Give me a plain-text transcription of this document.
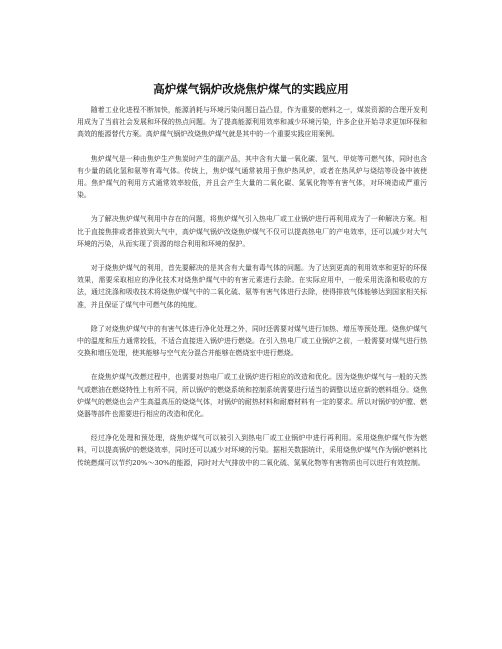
高炉煤气锅炉改烧焦炉煤气的实践应用

随着工业化进程不断加快，能源消耗与环境污染问题日益凸显，作为重要的燃料之一，煤炭资源的合理开发利用成为了当前社会发展和环保的热点问题。为了提高能源利用效率和减少环境污染，许多企业开始寻求更加环保和高效的能源替代方案。高炉煤气锅炉改烧焦炉煤气就是其中的一个重要实践应用案例。

焦炉煤气是一种由焦炉生产焦炭时产生的副产品，其中含有大量一氧化碳、氢气、甲烷等可燃气体，同时也含有少量的硫化氢和氨等有毒气体。传统上，焦炉煤气通常被用于焦炉热风炉，或者在热风炉与烧结等设备中被使用。焦炉煤气的利用方式通常效率较低，并且会产生大量的二氧化碳、氮氧化物等有害气体，对环境造成严重污染。

为了解决焦炉煤气利用中存在的问题，将焦炉煤气引入热电厂或工业锅炉进行再利用成为了一种解决方案。相比于直接焦排或者排放到大气中，高炉煤气锅炉改烧焦炉煤气不仅可以提高热电厂的产电效率，还可以减少对大气环境的污染，从而实现了资源的综合利用和环境的保护。

对于烧焦炉煤气的利用，首先要解决的是其含有大量有毒气体的问题。为了达到更高的利用效率和更好的环保效果，需要采取相应的净化技术对烧焦炉煤气中的有害元素进行去除。在实际应用中，一般采用洗涤和吸收的方法，通过洗涤和吸收技术将烧焦炉煤气中的二氧化硫、氨等有害气体进行去除，使得排放气体能够达到国家相关标准，并且保证了煤气中可燃气体的纯度。

除了对烧焦炉煤气中的有害气体进行净化处理之外，同时还需要对煤气进行加热、增压等预处理。烧焦炉煤气中的温度和压力通常较低，不适合直接进入锅炉进行燃烧。在引入热电厂或工业锅炉之前，一般需要对煤气进行热交换和增压处理，使其能够与空气充分混合并能够在燃烧室中进行燃烧。

在烧焦炉煤气改燃过程中，也需要对热电厂或工业锅炉进行相应的改造和优化。因为烧焦炉煤气与一般的天然气或燃油在燃烧特性上有所不同，所以锅炉的燃烧系统和控制系统需要进行适当的调整以适应新的燃料组分。烧焦炉煤气的燃烧也会产生高温高压的烧烧气体，对锅炉的耐热材料和耐磨材料有一定的要求。所以对锅炉的炉膛、燃烧器等部件也需要进行相应的改造和优化。

经过净化处理和预处理，烧焦炉煤气可以被引入到热电厂或工业锅炉中进行再利用。采用烧焦炉煤气作为燃料，可以提高锅炉的燃烧效率，同时还可以减少对环境的污染。据相关数据统计，采用烧焦炉煤气作为锅炉燃料比传统燃煤可以节约20%～30%的能源，同时对大气排放中的二氧化硫、氮氧化物等有害物质也可以进行有效控制。
